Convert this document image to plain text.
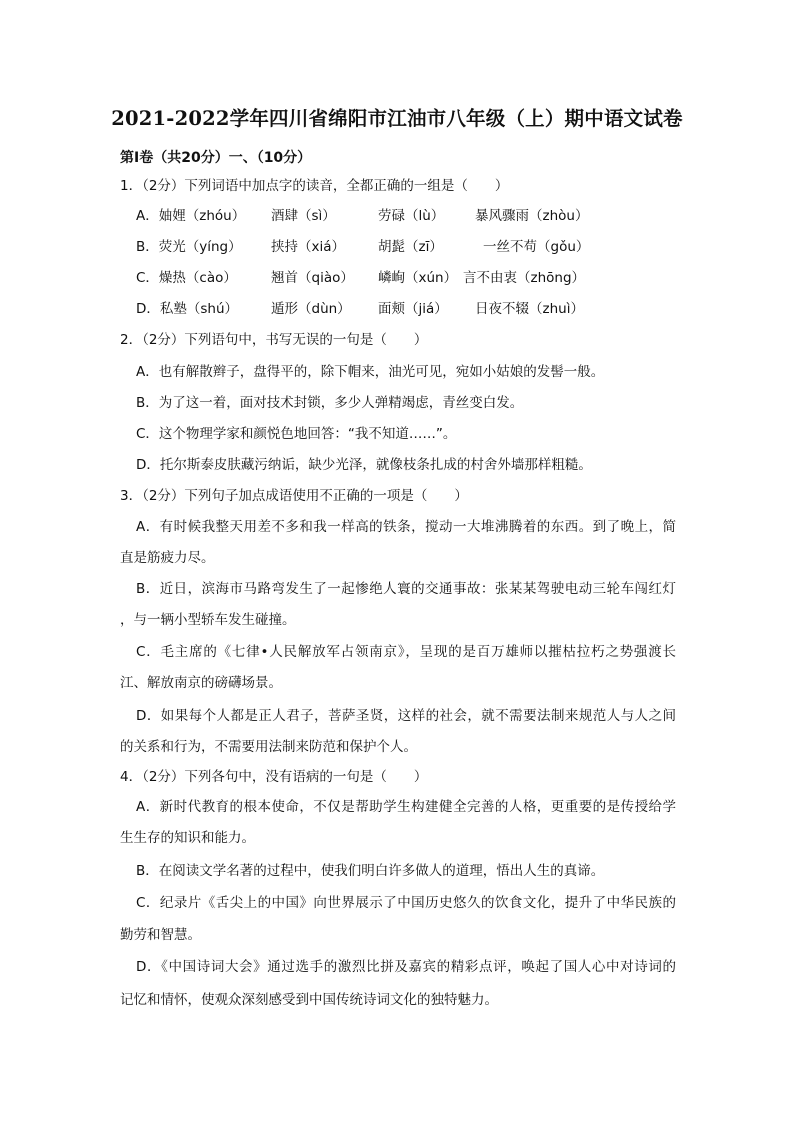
2021-2022学年四川省绵阳市江油市八年级（上）期中语文试卷
第Ⅰ卷（共20分）一、（10分）
1．（2分）下列词语中加点字的读音，全都正确的一组是（　　）
A．妯娌（zhóu） 酒肆（sì）	劳碌（lù） 暴风骤雨（zhòu）
B．荧光（yíng） 挟持（xiá） 胡髭（zī）	一丝不苟（gǒu）
C．燥热（cào）	翘首（qiào） 嶙峋（xún） 言不由衷（zhōng）
D．私塾（shú） 遁形（dùn） 面颊（jiá） 日夜不辍（zhuì）
2．（2分）下列语句中，书写无误的一句是（　　）
A．也有解散辫子，盘得平的，除下帽来，油光可见，宛如小姑娘的发髻一般。
B．为了这一着，面对技术封锁，多少人弹精竭虑，青丝变白发。
C．这个物理学家和颜悦色地回答：“我不知道……”。
D．托尔斯泰皮肤藏污纳诟，缺少光泽，就像枝条扎成的村舍外墙那样粗糙。
3．（2分）下列句子加点成语使用不正确的一项是（　　）
A．有时候我整天用差不多和我一样高的铁条，搅动一大堆沸腾着的东西。到了晚上，简
直是筋疲力尽。
B．近日，滨海市马路弯发生了一起惨绝人寰的交通事故：张某某驾驶电动三轮车闯红灯
，与一辆小型轿车发生碰撞。
C．毛主席的《七律•人民解放军占领南京》，呈现的是百万雄师以摧枯拉朽之势强渡长
江、解放南京的磅礴场景。
D．如果每个人都是正人君子，菩萨圣贤，这样的社会，就不需要法制来规范人与人之间
的关系和行为，不需要用法制来防范和保护个人。
4．（2分）下列各句中，没有语病的一句是（　　）
A．新时代教育的根本使命，不仅是帮助学生构建健全完善的人格，更重要的是传授给学
生生存的知识和能力。
B．在阅读文学名著的过程中，使我们明白许多做人的道理，悟出人生的真谛。
C．纪录片《舌尖上的中国》向世界展示了中国历史悠久的饮食文化，提升了中华民族的
勤劳和智慧。
D．《中国诗词大会》通过选手的激烈比拼及嘉宾的精彩点评，唤起了国人心中对诗词的
记忆和情怀，使观众深刻感受到中国传统诗词文化的独特魅力。
